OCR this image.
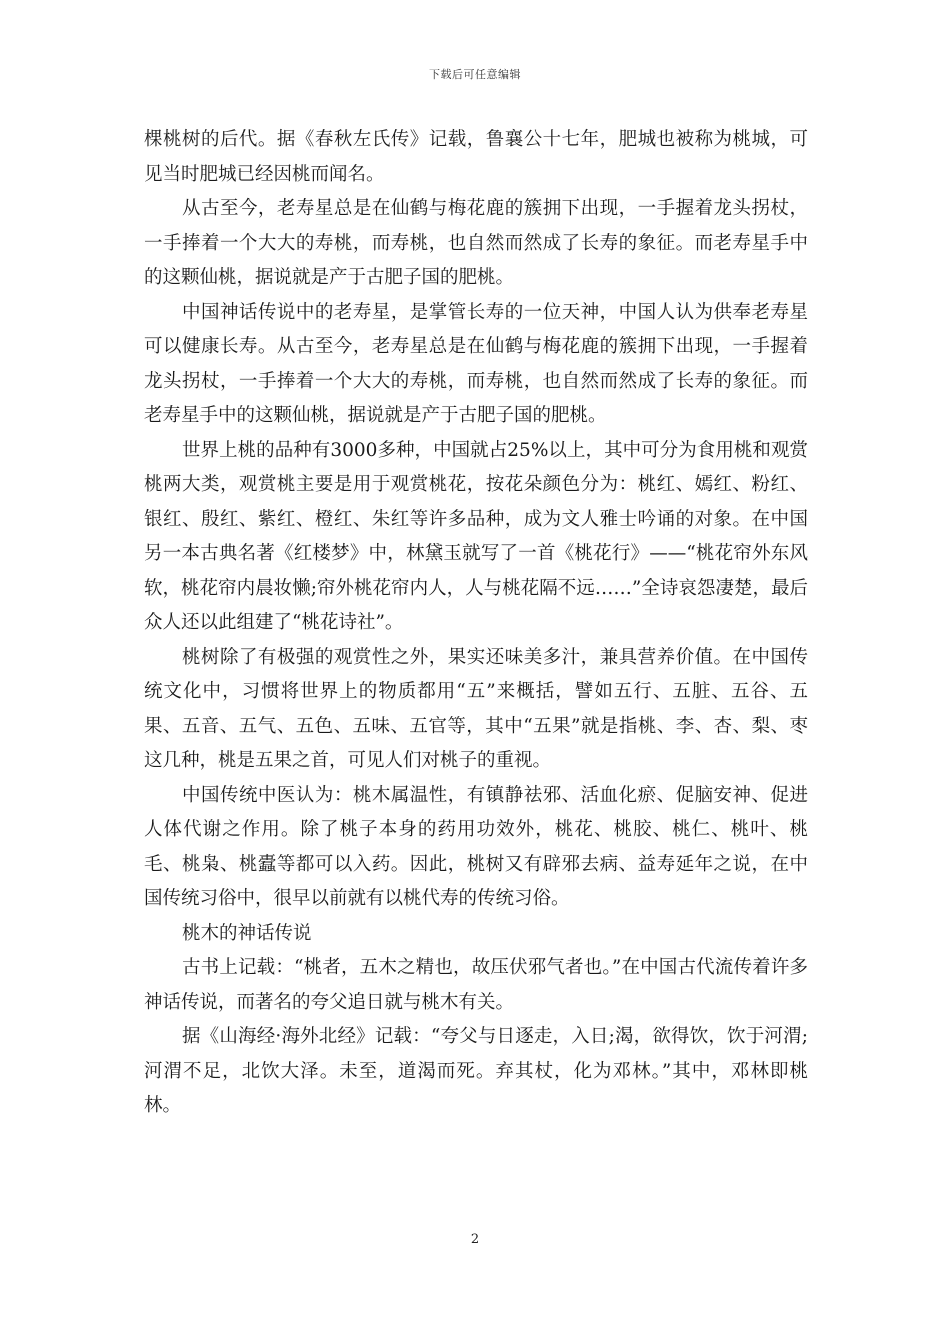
下载后可任意编辑

棵桃树的后代。据《春秋左氏传》记载，鲁襄公十七年，肥城也被称为桃城，可见当时肥城已经因桃而闻名。

从古至今，老寿星总是在仙鹤与梅花鹿的簇拥下出现，一手握着龙头拐杖，一手捧着一个大大的寿桃，而寿桃，也自然而然成了长寿的象征。而老寿星手中的这颗仙桃，据说就是产于古肥子国的肥桃。

中国神话传说中的老寿星，是掌管长寿的一位天神，中国人认为供奉老寿星可以健康长寿。从古至今，老寿星总是在仙鹤与梅花鹿的簇拥下出现，一手握着龙头拐杖，一手捧着一个大大的寿桃，而寿桃，也自然而然成了长寿的象征。而老寿星手中的这颗仙桃，据说就是产于古肥子国的肥桃。

世界上桃的品种有3000多种，中国就占25%以上，其中可分为食用桃和观赏桃两大类，观赏桃主要是用于观赏桃花，按花朵颜色分为：桃红、嫣红、粉红、银红、殷红、紫红、橙红、朱红等许多品种，成为文人雅士吟诵的对象。在中国另一本古典名著《红楼梦》中，林黛玉就写了一首《桃花行》——“桃花帘外东风软，桃花帘内晨妆懒;帘外桃花帘内人，人与桃花隔不远……”全诗哀怨凄楚，最后众人还以此组建了“桃花诗社”。

桃树除了有极强的观赏性之外，果实还味美多汁，兼具营养价值。在中国传统文化中，习惯将世界上的物质都用“五”来概括，譬如五行、五脏、五谷、五果、五音、五气、五色、五味、五官等，其中“五果”就是指桃、李、杏、梨、枣这几种，桃是五果之首，可见人们对桃子的重视。

中国传统中医认为：桃木属温性，有镇静祛邪、活血化瘀、促脑安神、促进人体代谢之作用。除了桃子本身的药用功效外，桃花、桃胶、桃仁、桃叶、桃毛、桃枭、桃蠹等都可以入药。因此，桃树又有辟邪去病、益寿延年之说，在中国传统习俗中，很早以前就有以桃代寿的传统习俗。

桃木的神话传说

古书上记载：“桃者，五木之精也，故压伏邪气者也。”在中国古代流传着许多神话传说，而著名的夸父追日就与桃木有关。

据《山海经·海外北经》记载：“夸父与日逐走，入日;渴，欲得饮，饮于河渭;河渭不足，北饮大泽。未至，道渴而死。弃其杖，化为邓林。”其中，邓林即桃林。

2
